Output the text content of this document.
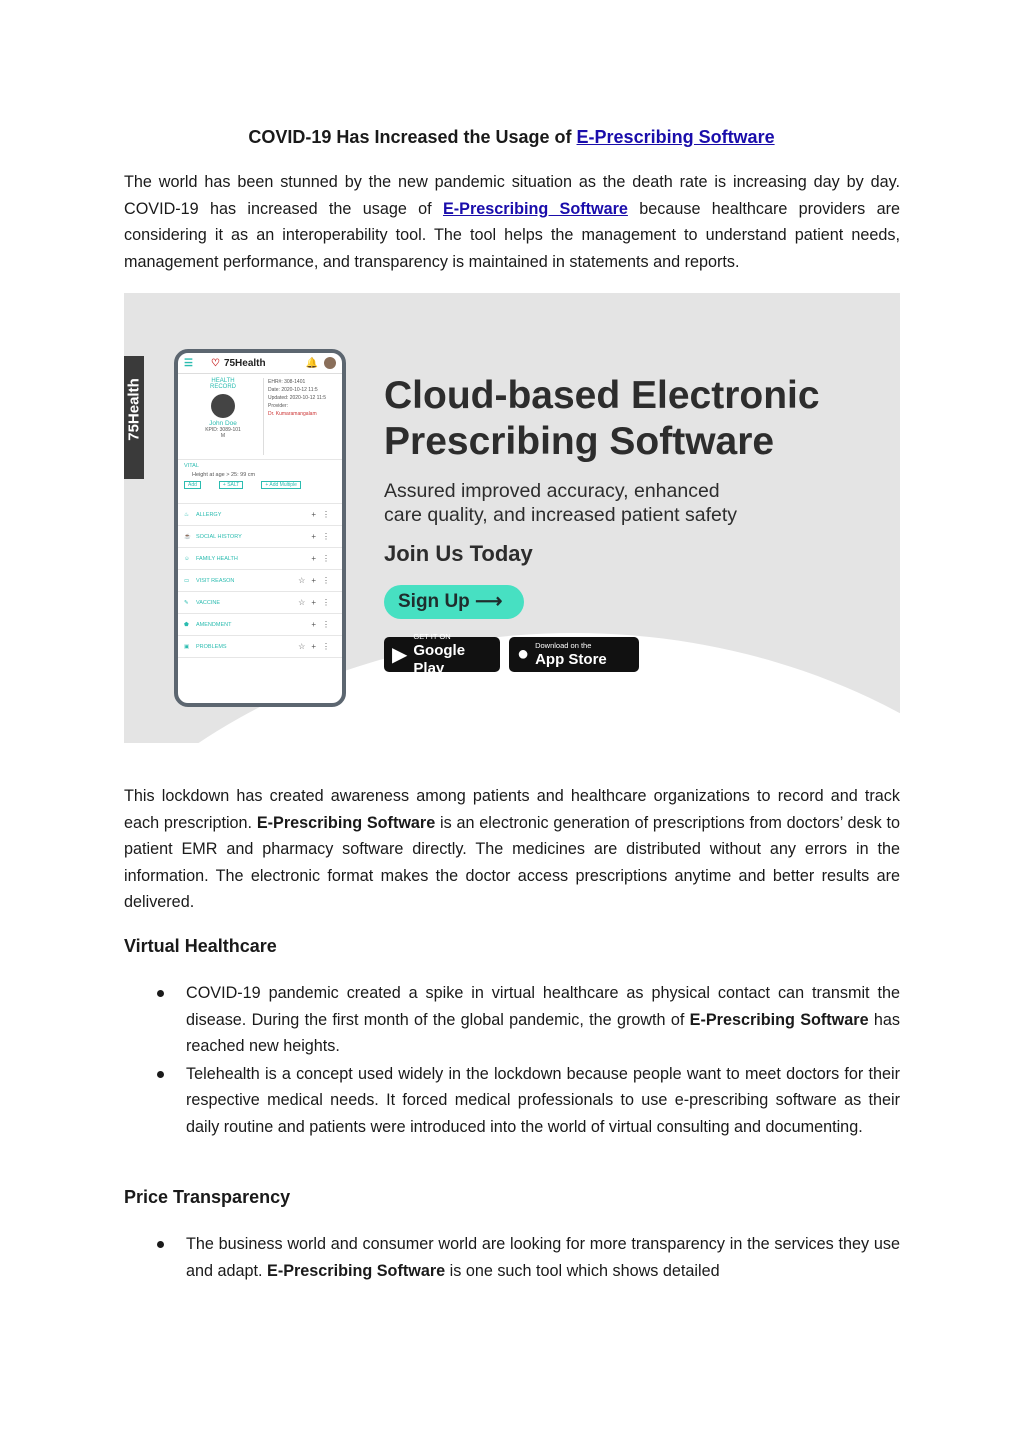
COVID-19 Has Increased the Usage of E-Prescribing Software

The world has been stunned by the new pandemic situation as the death rate is increasing day by day. COVID-19 has increased the usage of E-Prescribing Software because healthcare providers are considering it as an interoperability tool. The tool helps the management to understand patient needs, management performance, and transparency is maintained in statements and reports.

75Health
☰ ♡ 75Health	🔔
HEALTH
RECORD
John Doe
KPID: 3089-101
M
EHR#: 308-1401
Date: 2020-10-12 11:5
Updated: 2020-10-12 11:5
Provider:
Dr. Kumaramangalam
VITAL
Height at age > 25: 99 cm
Add	+ SALT	+ Add Multiple
♨	ALLERGY	+⋮
☕ SOCIAL HISTORY	+⋮
☺	FAMILY HEALTH	+⋮
▭	VISIT REASON	☆+⋮
✎	VACCINE	☆+⋮
⬟	AMENDMENT	+⋮
▣	PROBLEMS	☆+⋮
Cloud-based Electronic
Prescribing Software
Assured improved accuracy, enhanced
care quality, and increased patient safety
Join Us Today
Sign Up ⟶
▶
GET IT ON
Google Play
● Download on the
App Store

This lockdown has created awareness among patients and healthcare organizations to record and track each prescription. E-Prescribing Software is an electronic generation of prescriptions from doctors’ desk to patient EMR and pharmacy software directly. The medicines are distributed without any errors in the information. The electronic format makes the doctor access prescriptions anytime and better results are delivered.

Virtual Healthcare
COVID-19 pandemic created a spike in virtual healthcare as physical contact can transmit the disease. During the first month of the global pandemic, the growth of E-Prescribing Software has reached new heights.
Telehealth is a concept used widely in the lockdown because people want to meet doctors for their respective medical needs. It forced medical professionals to use e-prescribing software as their daily routine and patients were introduced into the world of virtual consulting and documenting.
Price Transparency
The business world and consumer world are looking for more transparency in the services they use and adapt. E-Prescribing Software is one such tool which shows detailed
